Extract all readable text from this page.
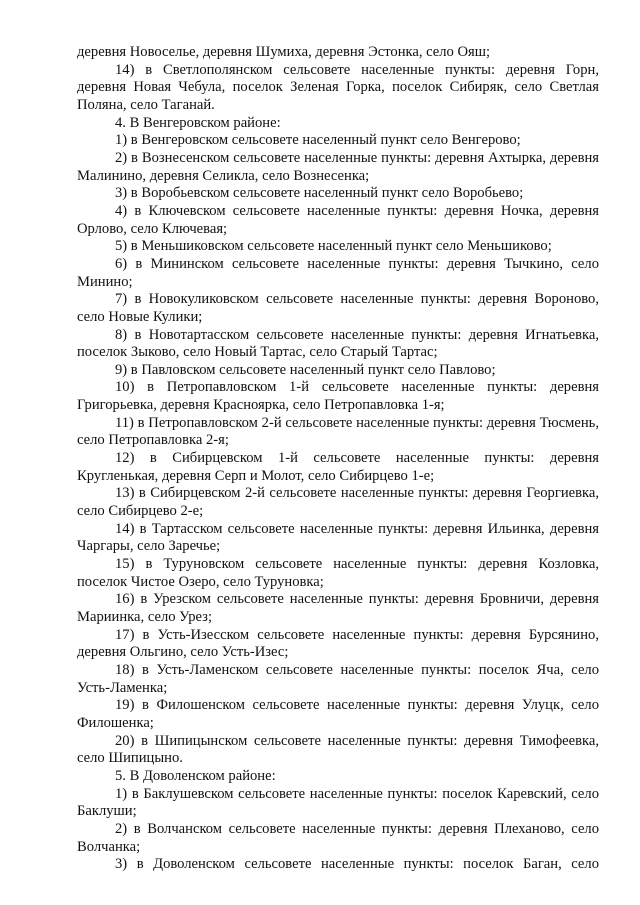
деревня Новоселье, деревня Шумиха, деревня Эстонка, село Ояш;

14) в Светлополянском сельсовете населенные пункты: деревня Горн, деревня Новая Чебула, поселок Зеленая Горка, поселок Сибиряк, село Светлая Поляна, село Таганай.

4. В Венгеровском районе:

1) в Венгеровском сельсовете населенный пункт село Венгерово;

2) в Вознесенском сельсовете населенные пункты: деревня Ахтырка, деревня Малинино, деревня Селикла, село Вознесенка;

3) в Воробьевском сельсовете населенный пункт село Воробьево;

4) в Ключевском сельсовете населенные пункты: деревня Ночка, деревня Орлово, село Ключевая;

5) в Меньшиковском сельсовете населенный пункт село Меньшиково;

6) в Мининском сельсовете населенные пункты: деревня Тычкино, село Минино;

7) в Новокуликовском сельсовете населенные пункты: деревня Вороново, село Новые Кулики;

8) в Новотартасском сельсовете населенные пункты: деревня Игнатьевка, поселок Зыково, село Новый Тартас, село Старый Тартас;

9) в Павловском сельсовете населенный пункт село Павлово;

10) в Петропавловском 1-й сельсовете населенные пункты: деревня Григорьевка, деревня Красноярка, село Петропавловка 1-я;

11) в Петропавловском 2-й сельсовете населенные пункты: деревня Тюсмень, село Петропавловка 2-я;

12) в Сибирцевском 1-й сельсовете населенные пункты: деревня Кругленькая, деревня Серп и Молот, село Сибирцево 1-е;

13) в Сибирцевском 2-й сельсовете населенные пункты: деревня Георгиевка, село Сибирцево 2-е;

14) в Тартасском сельсовете населенные пункты: деревня Ильинка, деревня Чаргары, село Заречье;

15) в Туруновском сельсовете населенные пункты: деревня Козловка, поселок Чистое Озеро, село Туруновка;

16) в Урезском сельсовете населенные пункты: деревня Бровничи, деревня Мариинка, село Урез;

17) в Усть-Изесском сельсовете населенные пункты: деревня Бурсянино, деревня Ольгино, село Усть-Изес;

18) в Усть-Ламенском сельсовете населенные пункты: поселок Яча, село Усть-Ламенка;

19) в Филошенском сельсовете населенные пункты: деревня Улуцк, село Филошенка;

20) в Шипицынском сельсовете населенные пункты: деревня Тимофеевка, село Шипицыно.

5. В Доволенском районе:

1) в Баклушевском сельсовете населенные пункты: поселок Каревский, село Баклуши;

2) в Волчанском сельсовете населенные пункты: деревня Плеханово, село Волчанка;

3) в Доволенском сельсовете населенные пункты: поселок Баган, село
